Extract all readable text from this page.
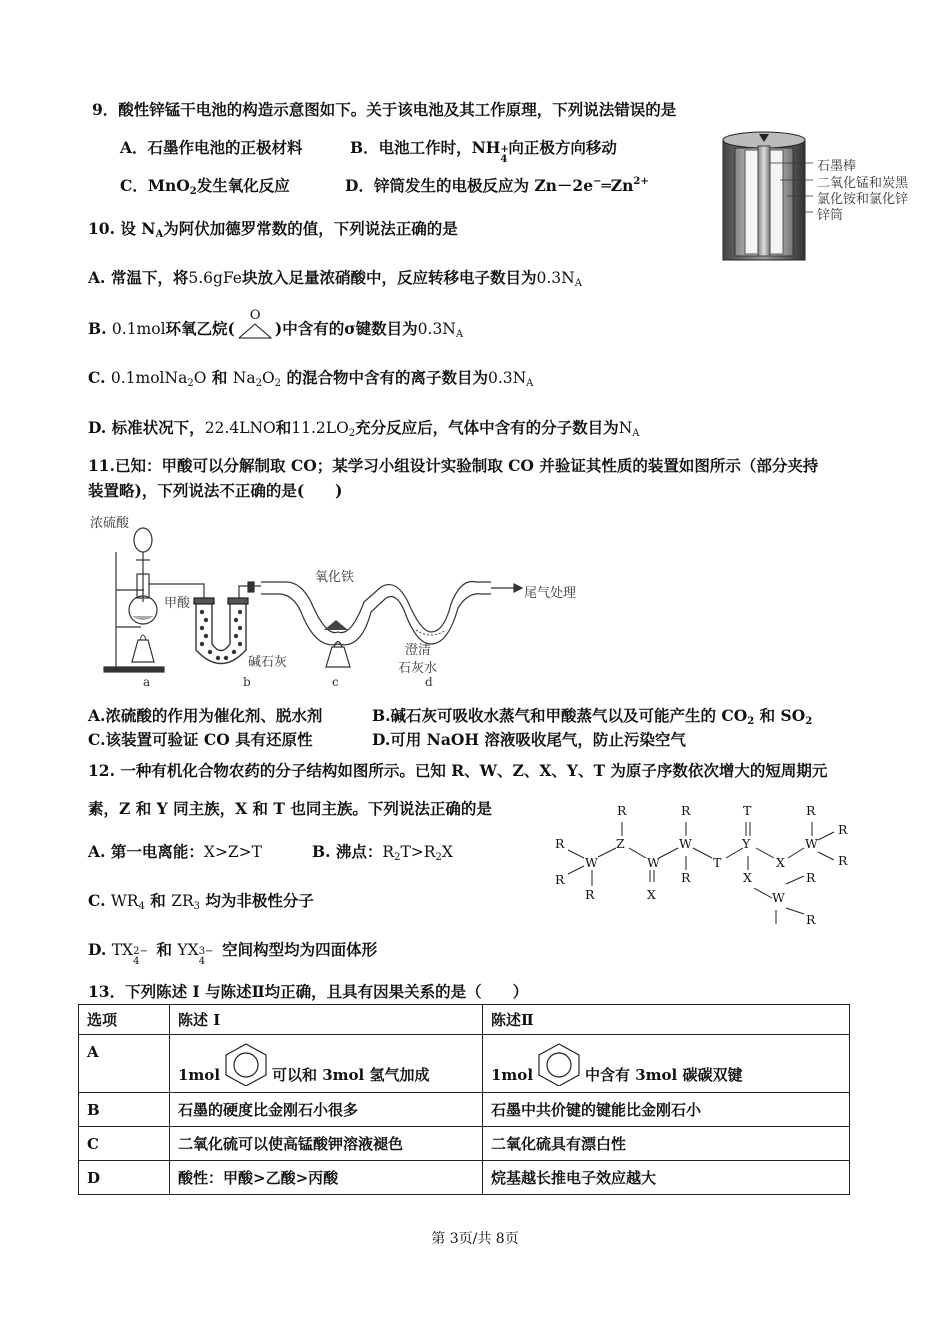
9．酸性锌锰干电池的构造示意图如下。关于该电池及其工作原理，下列说法错误的是
A．石墨作电池的正极材料	B．电池工作时，NH +
4
向正极方向移动
C．MnO$_2$发生氧化反应	D．锌筒发生的电极反应为 $Zn-2e^-═Zn^{2+}$
石墨棒
二氧化锰和炭黑
氯化铵和氯化锌
锌筒
10. 设 $N_A$为阿伏加德罗常数的值，下列说法正确的是
A. 常温下，将5.6gFe块放入足量浓硝酸中，反应转移电子数目为$0.3N_A$
B. 0.1mol环氧乙烷(
O
)中含有的σ键数目为$0.3N_A$
C. 0.1molNa$_2$O 和 $Na_2O_2$ 的混合物中含有的离子数目为$0.3N_A$
D. 标准状况下，22.4LNO和$11.2LO_2$充分反应后，气体中含有的分子数目为$N_A$
11.已知：甲酸可以分解制取 CO；某学习小组设计实验制取 CO 并验证其性质的装置如图所示（部分夹持
装置略)，下列说法不正确的是(　　)
浓硫酸
甲酸
碱石灰
氧化铁
澄清
石灰水
尾气处理
a	b	c	d
A.浓硫酸的作用为催化剂、脱水剂	B.碱石灰可吸收水蒸气和甲酸蒸气以及可能产生的 $CO_2$ 和 $SO_2$
C.该装置可验证 CO 具有还原性	D.可用 NaOH 溶液吸收尾气，防止污染空气
12. 一种有机化合物农药的分子结构如图所示。已知 R、W、Z、X、Y、T 为原子序数依次增大的短周期元
素，Z 和 Y 同主族，X 和 T 也同主族。下列说法正确的是
A. 第一电离能：X>Z>T	B. 沸点：$R_2T>R_2X$
C. $WR_4$ 和 $ZR_3$ 均为非极性分子
D. TX 2−
4
和 YX 3−
4
空间构型均为四面体形
R
Z
R
W
R
R
W
X
R
W
R
T
T
Y
X
X
R
W
R
R
W
R
R
13．下列陈述 I 与陈述Ⅱ均正确，且具有因果关系的是（　　）
选项	陈述 I	陈述Ⅱ
A	1mol 可以和 3mol 氢气加成	1mol 中含有 3mol 碳碳双键
B	石墨的硬度比金刚石小很多	石墨中共价键的键能比金刚石小
C	二氧化硫可以使高锰酸钾溶液褪色	二氧化硫具有漂白性
D	酸性：甲酸>乙酸>丙酸	烷基越长推电子效应越大
第 3页/共 8页
